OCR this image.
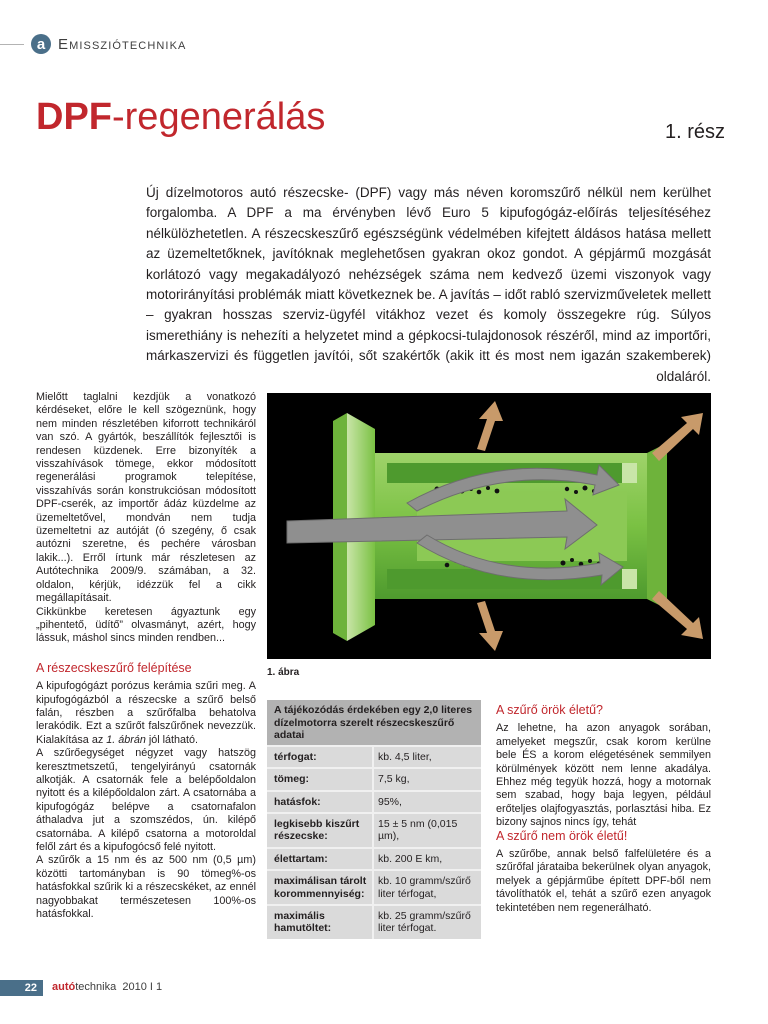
a Emissziótechnika
DPF-regenerálás	1. rész

Új dízelmotoros autó részecske- (DPF) vagy más néven koromszűrő nélkül nem kerülhet forgalomba. A DPF a ma érvényben lévő Euro 5 kipufogógáz-előírás teljesítéséhez nélkülözhetetlen. A részecskeszűrő egészségünk védelmében kifejtett áldásos hatása mellett az üzemeltetőknek, javítóknak meglehetősen gyakran okoz gondot. A gépjármű mozgását korlátozó vagy megakadályozó nehézségek száma nem kedvező üzemi viszonyok vagy motorirányítási problémák miatt következnek be. A javítás – időt rabló szervizműveletek mellett – gyakran hosszas szerviz-ügyfél vitákhoz vezet és komoly összegekre rúg. Súlyos ismerethiány is nehezíti a helyzetet mind a gépkocsi-tulajdonosok részéről, mind az importőri, márkaszervizi és független javítói, sőt szakértők (akik itt és most nem igazán szakemberek) oldaláról.

Mielőtt taglalni kezdjük a vonatkozó kérdéseket, előre le kell szögeznünk, hogy nem minden részletében kiforrott technikáról van szó. A gyártók, beszállítók fejlesztői is rendesen küzdenek. Erre bizonyíték a visszahívások tömege, ekkor módosított regenerálási programok telepítése, visszahívás során konstrukciósan módosított DPF-cserék, az importőr ádáz küzdelme az üzemeltetővel, mondván nem tudja üzemeltetni az autóját (ó szegény, ő csak autózni szeretne, és pechére városban lakik...). Erről írtunk már részletesen az Autótechnika 2009/9. számában, a 32. oldalon, kérjük, idézzük fel a cikk megállapításait.

Cikkünkbe keretesen ágyaztunk egy „pihentető, üdítő” olvasmányt, azért, hogy lássuk, máshol sincs minden rendben...

A részecskeszűrő felépítése

A kipufogógázt porózus kerámia szűri meg. A kipufogógázból a részecske a szűrő belső falán, részben a szűrőfalba behatolva lerakódik. Ezt a szűrőt falszűrőnek nevezzük. Kialakítása az 1. ábrán jól látható.

A szűrőegységet négyzet vagy hatszög keresztmetszetű, tengelyirányú csatornák alkotják. A csatornák fele a belépőoldalon nyitott és a kilépőoldalon zárt. A csatornába a kipufogógáz belépve a csatornafalon áthaladva jut a szomszédos, ún. kilépő csatornába. A kilépő csatorna a motoroldal felől zárt és a kipufogócső felé nyitott.

A szűrők a 15 nm és az 500 nm (0,5 µm) közötti tartományban is 90 tömeg%-os hatásfokkal szűrik ki a részecskéket, az ennél nagyobbakat természetesen 100%-os hatásfokkal.

1. ábra
A tájékozódás érdekében egy 2,0 literes dízelmotorra szerelt részecskeszűrő adatai
térfogat:	kb. 4,5 liter,
tömeg:	7,5 kg,
hatásfok:	95%,
legkisebb kiszűrt részecske:	15 ± 5 nm (0,015 µm),
élettartam:	kb. 200 E km,
maximálisan tárolt korommennyiség:	kb. 10 gramm/szűrő liter térfogat,
maximális hamutöltet:	kb. 25 gramm/szűrő liter térfogat.

A szűrő örök életű?

Az lehetne, ha azon anyagok sorában, amelyeket megszűr, csak korom kerülne bele ÉS a korom elégetésének semmilyen körülmények között nem lenne akadálya. Ehhez még tegyük hozzá, hogy a motornak sem szabad, hogy baja legyen, például erőteljes olajfogyasztás, porlasztási hiba. Ez bizony sajnos nincs így, tehát

A szűrő nem örök életű!

A szűrőbe, annak belső falfelületére és a szűrőfal járataiba bekerülnek olyan anyagok, melyek a gépjárműbe épített DPF-ből nem távolíthatók el, tehát a szűrő ezen anyagok tekintetében nem regenerálható.

22	autótechnika 2010 I 1
